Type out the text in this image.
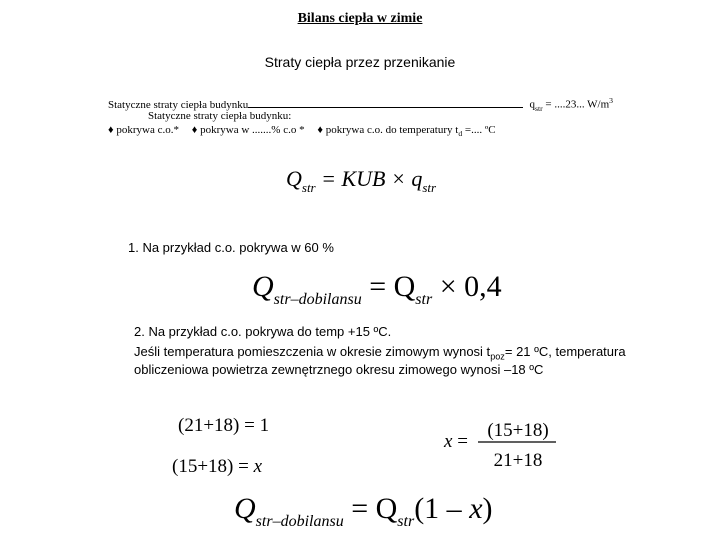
Bilans ciepła w zimie
Straty ciepła przez przenikanie
Statyczne straty ciepła budynku	$q_{str} = ....23$... $W/m^3$
Statyczne straty ciepła budynku:
♦ pokrywa c.o.* ♦ pokrywa w .......% c.o * ♦ pokrywa c.o. do temperatury $t_d$ =.... ºC
$Q_{str}$ = KUB × $q_{str}$
1. Na przykład c.o. pokrywa w 60 %
$Q_{str-dobilansu} = Q_{str} \times 0,4$
2. Na przykład c.o. pokrywa do temp +15 ºC.
Jeśli temperatura pomieszczenia w okresie zimowym wynosi $t_{poz}= 21$ ºC, temperatura
obliczeniowa powietrza zewnętrznego okresu zimowego wynosi –18 ºC
(21+18) = 1
(15+18) = x
x =
(15+18)
21+18
$Q_{str-dobilansu} = Q_{str}(1 - x)$
